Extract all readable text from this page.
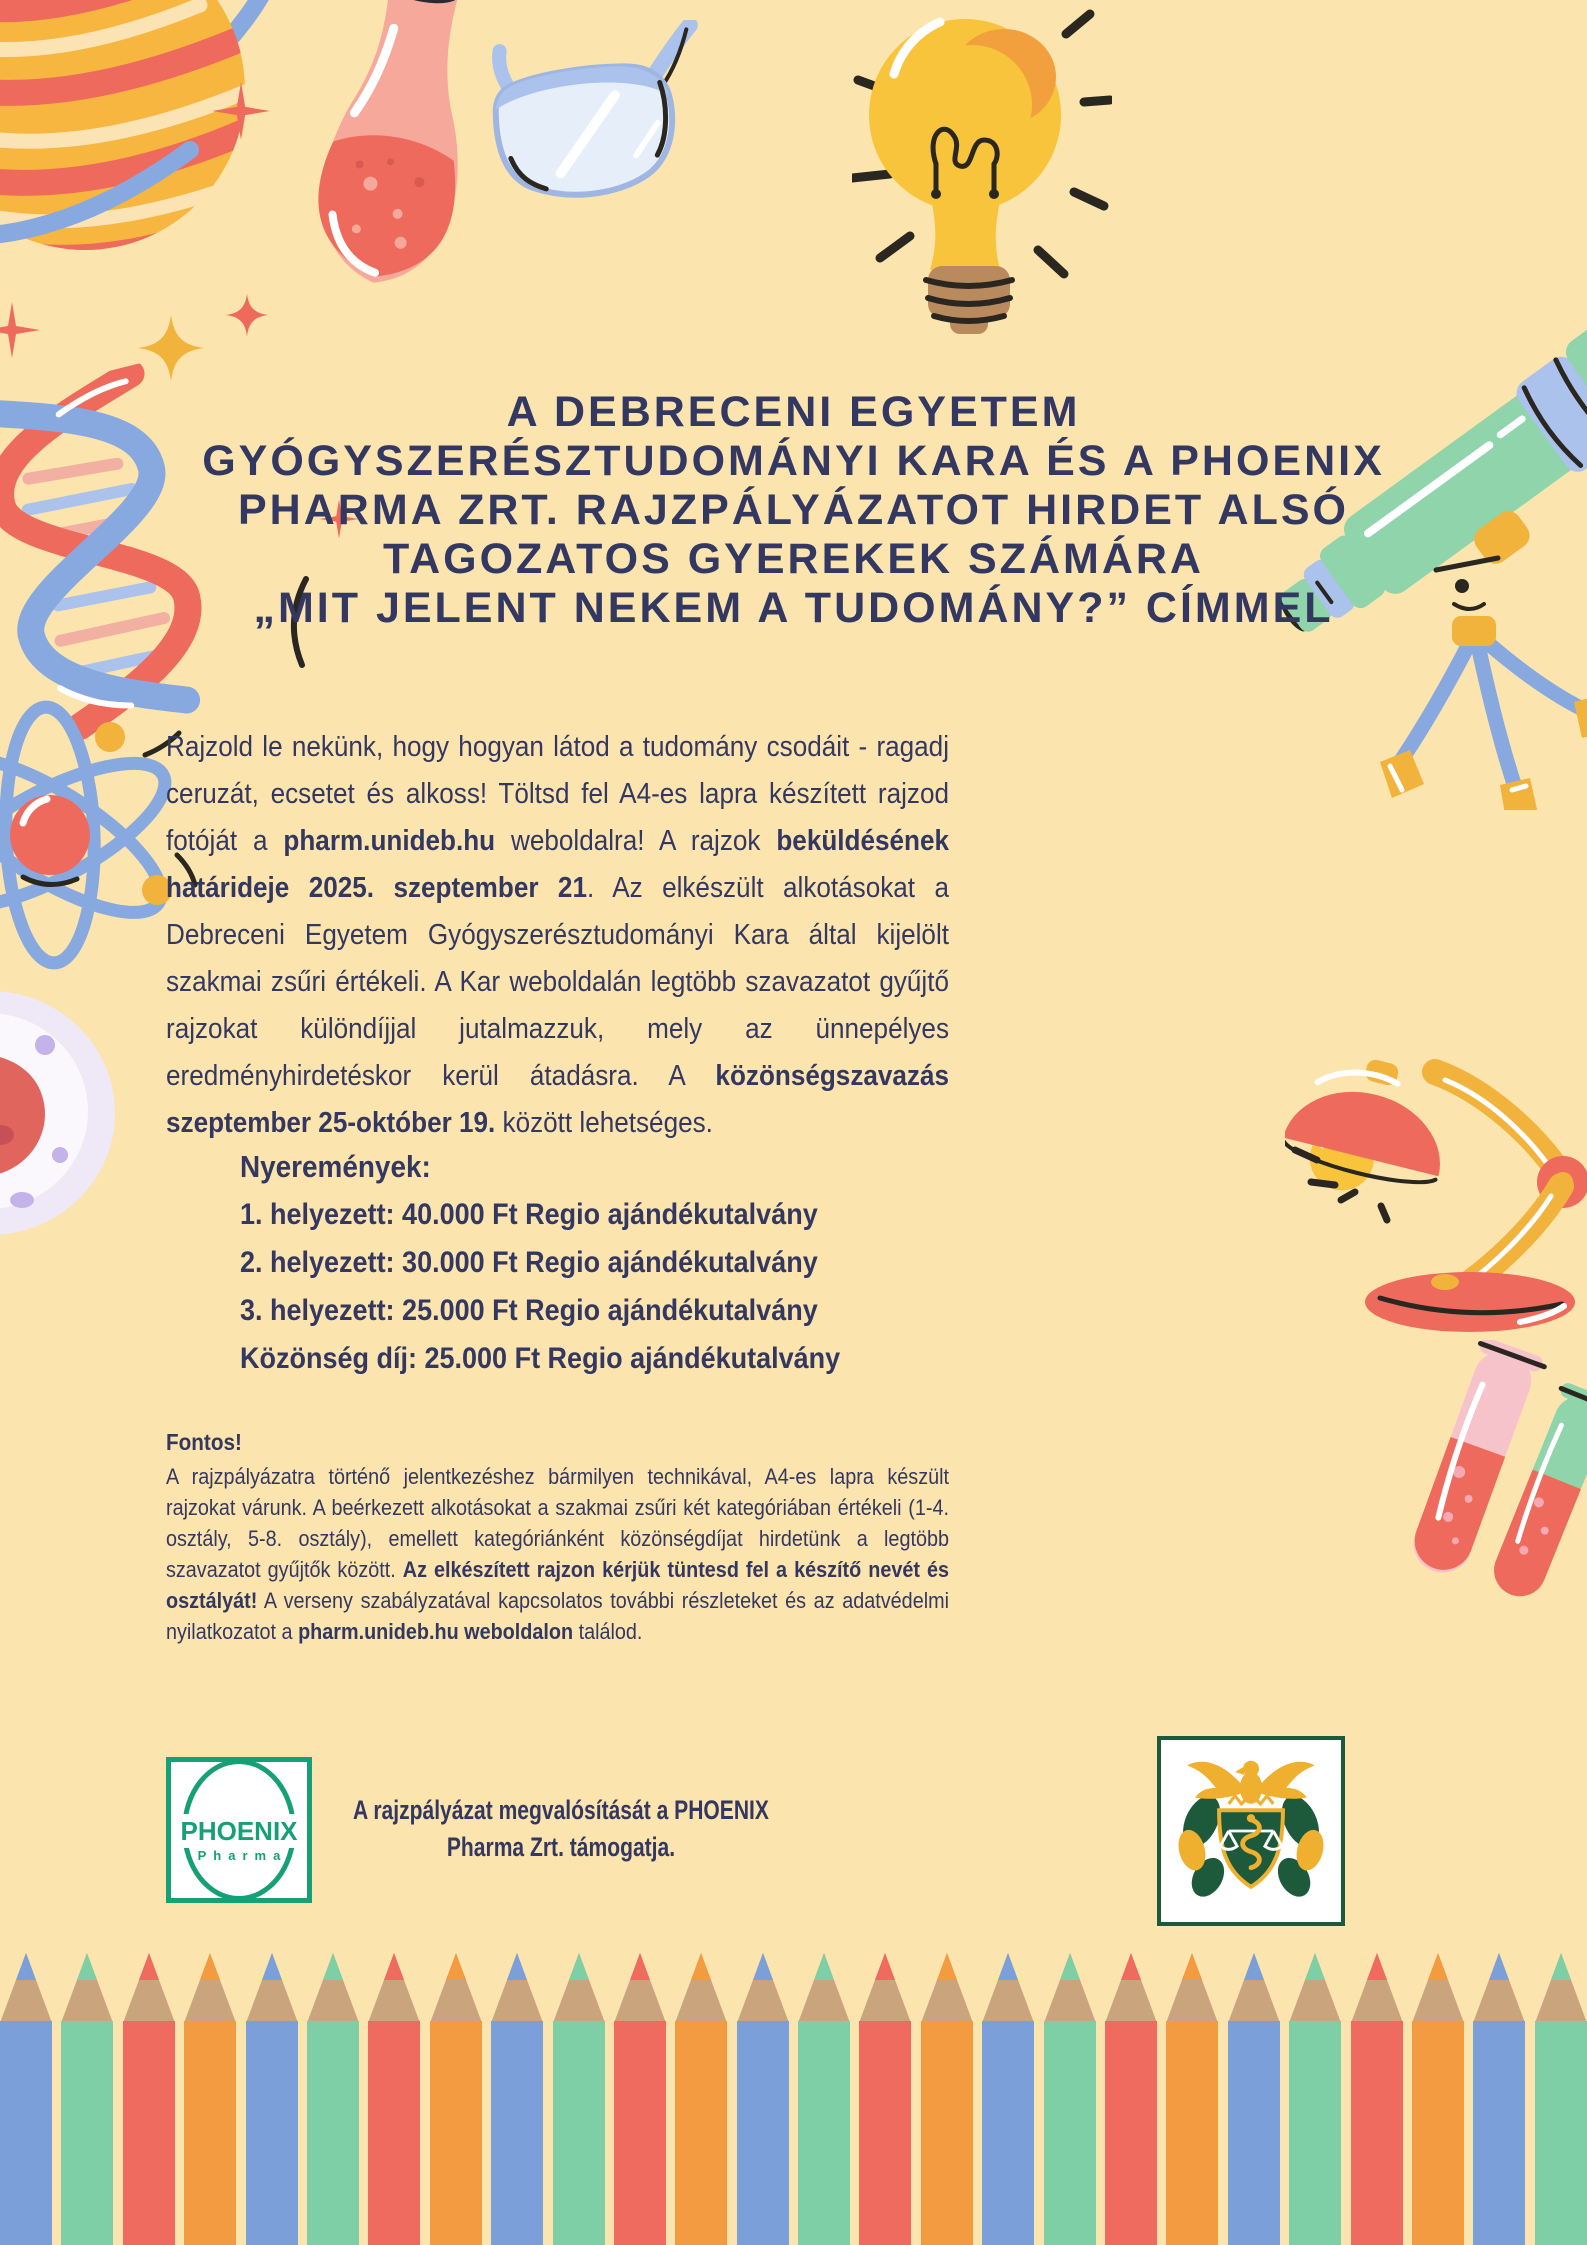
A DEBRECENI EGYETEM
GYÓGYSZERÉSZTUDOMÁNYI KARA ÉS A PHOENIX
PHARMA ZRT. RAJZPÁLYÁZATOT HIRDET ALSÓ
TAGOZATOS GYEREKEK SZÁMÁRA
„MIT JELENT NEKEM A TUDOMÁNY?” CÍMMEL

Rajzold le nekünk, hogy hogyan látod a tudomány csodáit - ragadj ceruzát, ecsetet és alkoss! Töltsd fel A4-es lapra készített rajzod fotóját a pharm.unideb.hu weboldalra! A rajzok beküldésének határideje 2025. szeptember 21. Az elkészült alkotásokat a Debreceni Egyetem Gyógyszerésztudományi Kara által kijelölt szakmai zsűri értékeli. A Kar weboldalán legtöbb szavazatot gyűjtő rajzokat különdíjjal jutalmazzuk, mely az ünnepélyes eredményhirdetéskor kerül átadásra. A közönségszavazás szeptember 25-október 19. között lehetséges.

Nyeremények:
1. helyezett: 40.000 Ft Regio ajándékutalvány
2. helyezett: 30.000 Ft Regio ajándékutalvány
3. helyezett: 25.000 Ft Regio ajándékutalvány
Közönség díj: 25.000 Ft Regio ajándékutalvány
Fontos!
A rajzpályázatra történő jelentkezéshez bármilyen technikával, A4-es lapra készült rajzokat várunk. A beérkezett alkotásokat a szakmai zsűri két kategóriában értékeli (1-4. osztály, 5-8. osztály), emellett kategóriánként közönségdíjat hirdetünk a legtöbb szavazatot gyűjtők között. Az elkészített rajzon kérjük tüntesd fel a készítő nevét és osztályát! A verseny szabályzatával kapcsolatos további részleteket és az adatvédelmi nyilatkozatot a pharm.unideb.hu weboldalon találod.
PHOENIX
Pharma
A rajzpályázat megvalósítását a PHOENIX
Pharma Zrt. támogatja.
